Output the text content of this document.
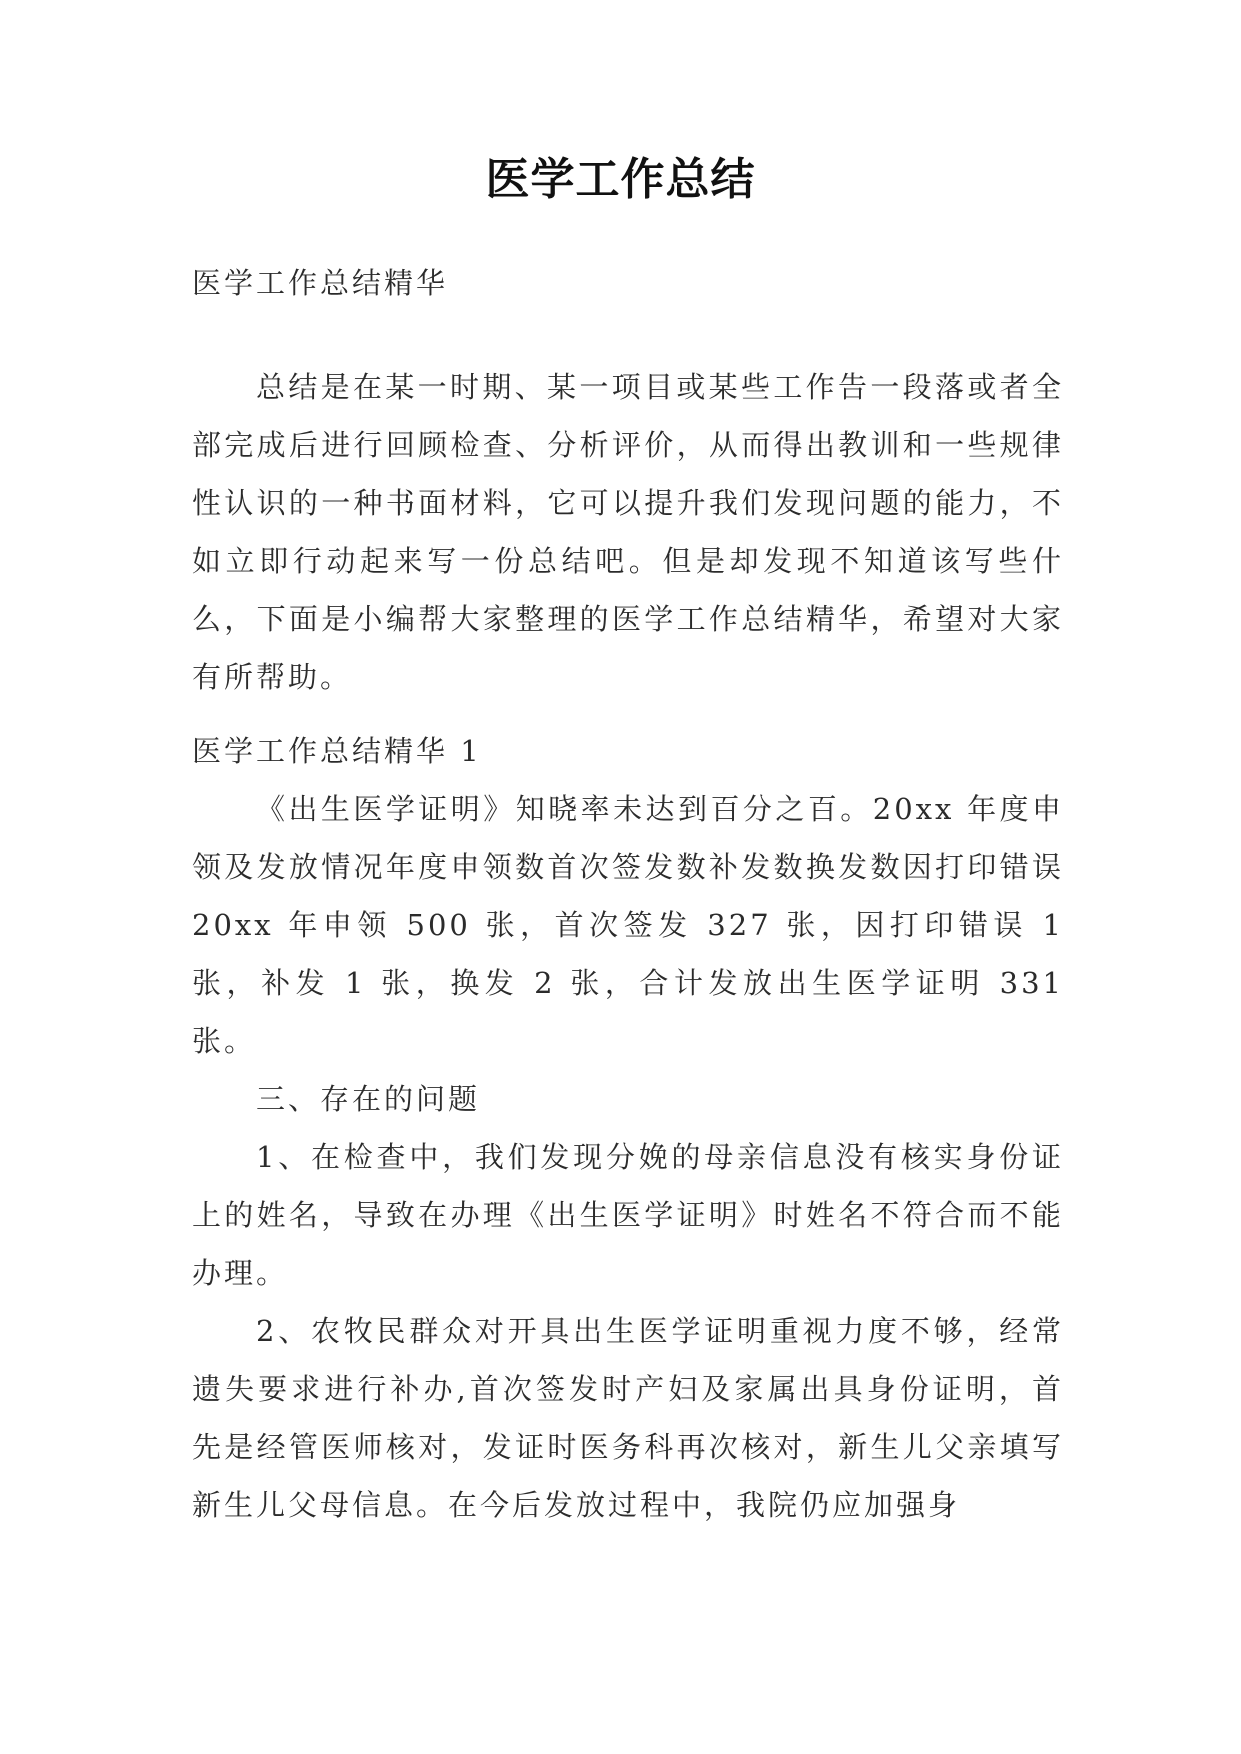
医学工作总结

医学工作总结精华

总结是在某一时期、某一项目或某些工作告一段落或者全部完成后进行回顾检查、分析评价，从而得出教训和一些规律性认识的一种书面材料，它可以提升我们发现问题的能力，不如立即行动起来写一份总结吧。但是却发现不知道该写些什么，下面是小编帮大家整理的医学工作总结精华，希望对大家有所帮助。

医学工作总结精华 1

《出生医学证明》知晓率未达到百分之百。20xx 年度申领及发放情况年度申领数首次签发数补发数换发数因打印错误 20xx 年申领 500 张，首次签发 327 张，因打印错误 1 张，补发 1 张，换发 2 张，合计发放出生医学证明 331 张。

三、存在的问题

1、在检查中，我们发现分娩的母亲信息没有核实身份证上的姓名，导致在办理《出生医学证明》时姓名不符合而不能办理。

2、农牧民群众对开具出生医学证明重视力度不够，经常遗失要求进行补办,首次签发时产妇及家属出具身份证明，首先是经管医师核对，发证时医务科再次核对，新生儿父亲填写新生儿父母信息。在今后发放过程中，我院仍应加强身
